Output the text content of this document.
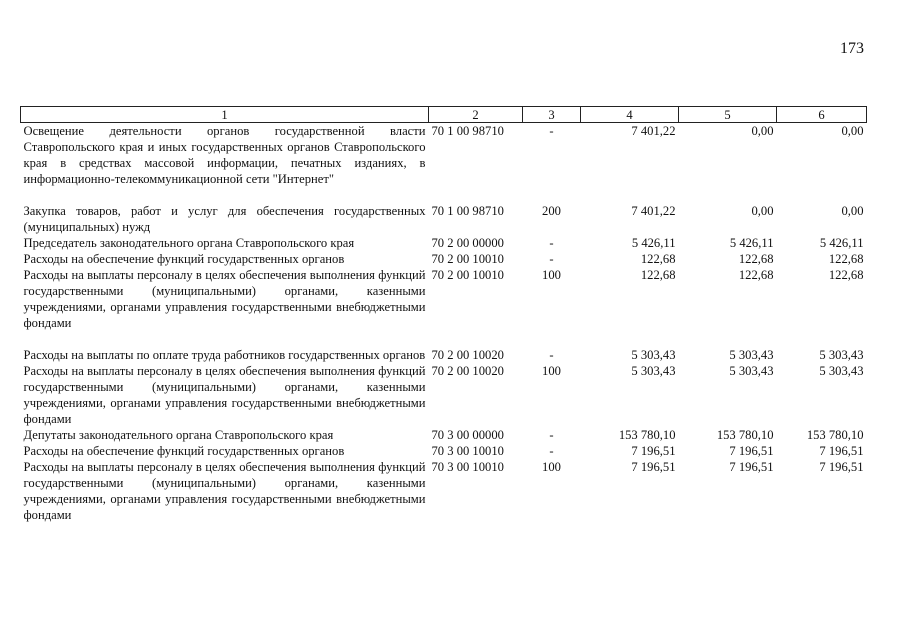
173
1	2	3	4	5	6
Освещение деятельности органов государственной власти Ставропольского края и иных государственных органов Ставропольского края в средствах массовой информации, печатных изданиях, в информационно-телекоммуникационной сети "Интернет"	70 1 00 98710	-	7 401,22	0,00	0,00
Закупка товаров, работ и услуг для обеспечения государственных (муниципальных) нужд	70 1 00 98710	200	7 401,22	0,00	0,00
Председатель законодательного органа Ставропольского края	70 2 00 00000	-	5 426,11	5 426,11	5 426,11
Расходы на обеспечение функций государственных органов	70 2 00 10010	-	122,68	122,68	122,68
Расходы на выплаты персоналу в целях обеспечения выполнения функций государственными (муниципальными) органами, казенными учреждениями, органами управления государственными внебюджетными фондами	70 2 00 10010	100	122,68	122,68	122,68
Расходы на выплаты по оплате труда работников государственных органов	70 2 00 10020	-	5 303,43	5 303,43	5 303,43
Расходы на выплаты персоналу в целях обеспечения выполнения функций государственными (муниципальными) органами, казенными учреждениями, органами управления государственными внебюджетными фондами	70 2 00 10020	100	5 303,43	5 303,43	5 303,43
Депутаты законодательного органа Ставропольского края	70 3 00 00000	-	153 780,10	153 780,10	153 780,10
Расходы на обеспечение функций государственных органов	70 3 00 10010	-	7 196,51	7 196,51	7 196,51
Расходы на выплаты персоналу в целях обеспечения выполнения функций государственными (муниципальными) органами, казенными учреждениями, органами управления государственными внебюджетными фондами	70 3 00 10010	100	7 196,51	7 196,51	7 196,51
